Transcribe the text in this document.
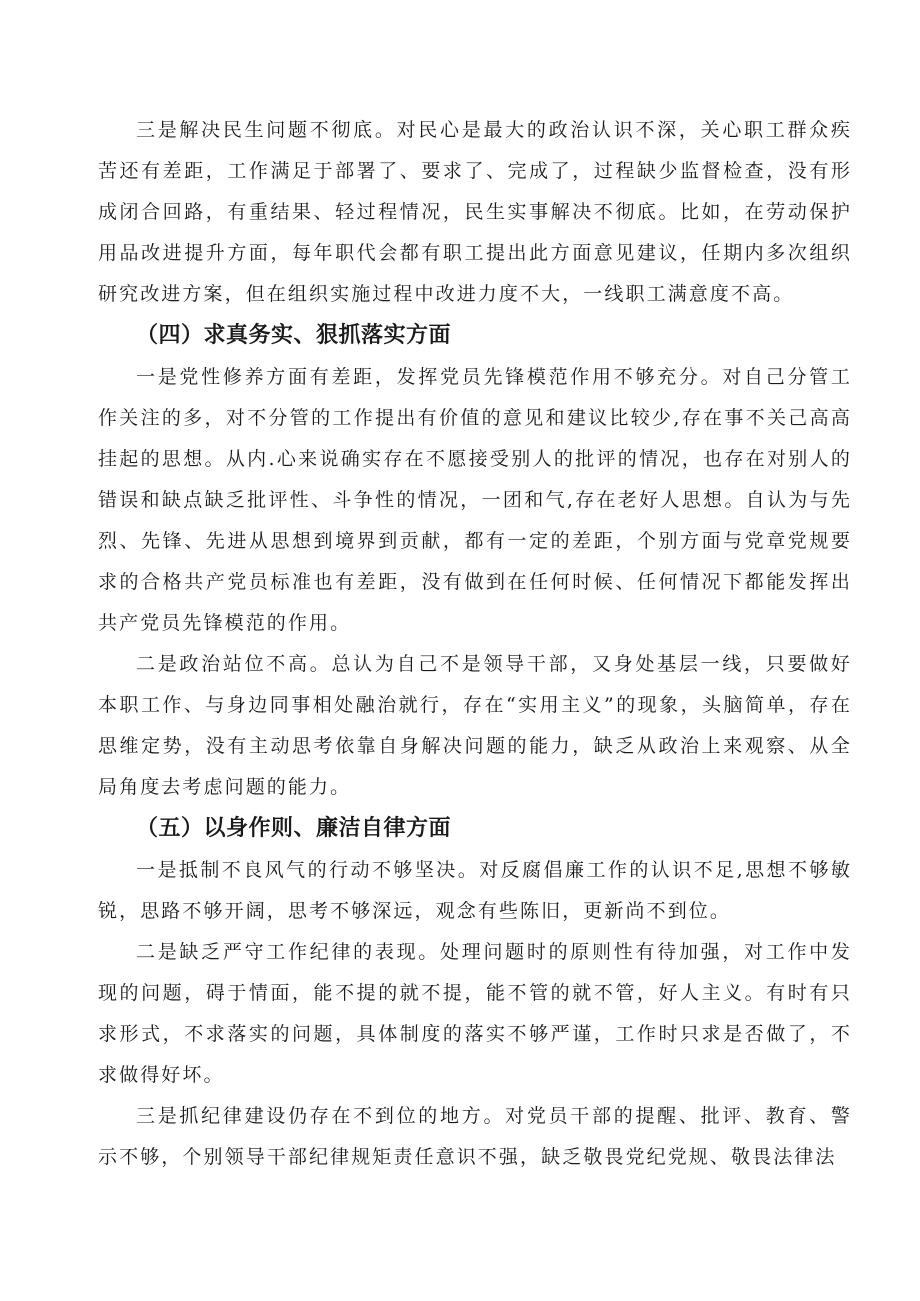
三是解决民生问题不彻底。对民心是最大的政治认识不深，关心职工群众疾苦还有差距，工作满足于部署了、要求了、完成了，过程缺少监督检查，没有形成闭合回路，有重结果、轻过程情况，民生实事解决不彻底。比如，在劳动保护用品改进提升方面，每年职代会都有职工提出此方面意见建议，任期内多次组织研究改进方案，但在组织实施过程中改进力度不大，一线职工满意度不高。

（四）求真务实、狠抓落实方面

一是党性修养方面有差距，发挥党员先锋模范作用不够充分。对自己分管工作关注的多，对不分管的工作提出有价值的意见和建议比较少,存在事不关己高高挂起的思想。从内.心来说确实存在不愿接受别人的批评的情况，也存在对别人的错误和缺点缺乏批评性、斗争性的情况，一团和气,存在老好人思想。自认为与先烈、先锋、先进从思想到境界到贡献，都有一定的差距，个别方面与党章党规要求的合格共产党员标准也有差距，没有做到在任何时候、任何情况下都能发挥出共产党员先锋模范的作用。

二是政治站位不高。总认为自己不是领导干部，又身处基层一线，只要做好本职工作、与身边同事相处融治就行，存在“实用主义”的现象，头脑简单，存在思维定势，没有主动思考依靠自身解决问题的能力，缺乏从政治上来观察、从全局角度去考虑问题的能力。

（五）以身作则、廉洁自律方面

一是抵制不良风气的行动不够坚决。对反腐倡廉工作的认识不足,思想不够敏锐，思路不够开阔，思考不够深远，观念有些陈旧，更新尚不到位。

二是缺乏严守工作纪律的表现。处理问题时的原则性有待加强，对工作中发现的问题，碍于情面，能不提的就不提，能不管的就不管，好人主义。有时有只求形式，不求落实的问题，具体制度的落实不够严谨，工作时只求是否做了，不求做得好坏。

三是抓纪律建设仍存在不到位的地方。对党员干部的提醒、批评、教育、警示不够，个别领导干部纪律规矩责任意识不强，缺乏敬畏党纪党规、敬畏法律法
